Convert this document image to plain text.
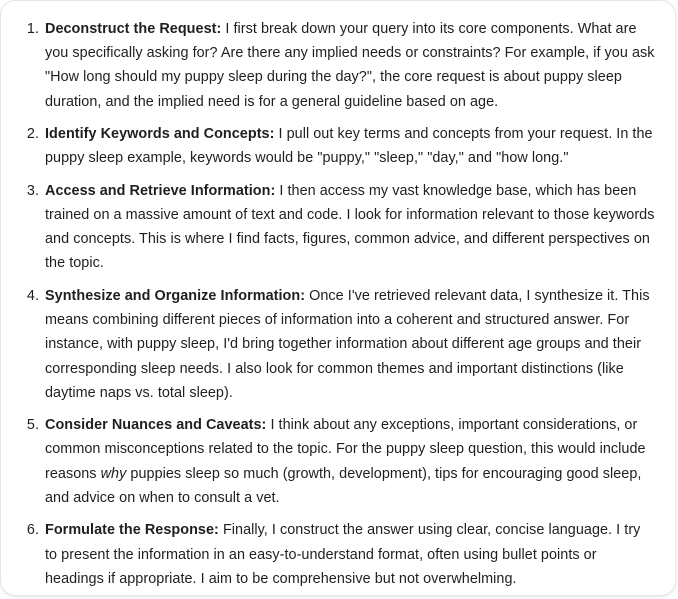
1 . Deconstruct the Request: I first break down your query into its core components. What are you specifically asking for? Are there any implied needs or constraints? For example, if you ask "How long should my puppy sleep during the day?", the core request is about puppy sleep duration, and the implied need is for a general guideline based on age.
2 . Identify Keywords and Concepts: I pull out key terms and concepts from your request. In the puppy sleep example, keywords would be "puppy," "sleep," "day," and "how long."
3 . Access and Retrieve Information: I then access my vast knowledge base, which has been trained on a massive amount of text and code. I look for information relevant to those keywords and concepts. This is where I find facts, figures, common advice, and different perspectives on the topic.
4 . Synthesize and Organize Information: Once I've retrieved relevant data, I synthesize it. This means combining different pieces of information into a coherent and structured answer. For instance, with puppy sleep, I'd bring together information about different age groups and their corresponding sleep needs. I also look for common themes and important distinctions (like daytime naps vs. total sleep).
5 . Consider Nuances and Caveats: I think about any exceptions, important considerations, or common misconceptions related to the topic. For the puppy sleep question, this would include reasons why puppies sleep so much (growth, development), tips for encouraging good sleep, and advice on when to consult a vet.
6 . Formulate the Response: Finally, I construct the answer using clear, concise language. I try to present the information in an easy-to-understand format, often using bullet points or headings if appropriate. I aim to be comprehensive but not overwhelming.
